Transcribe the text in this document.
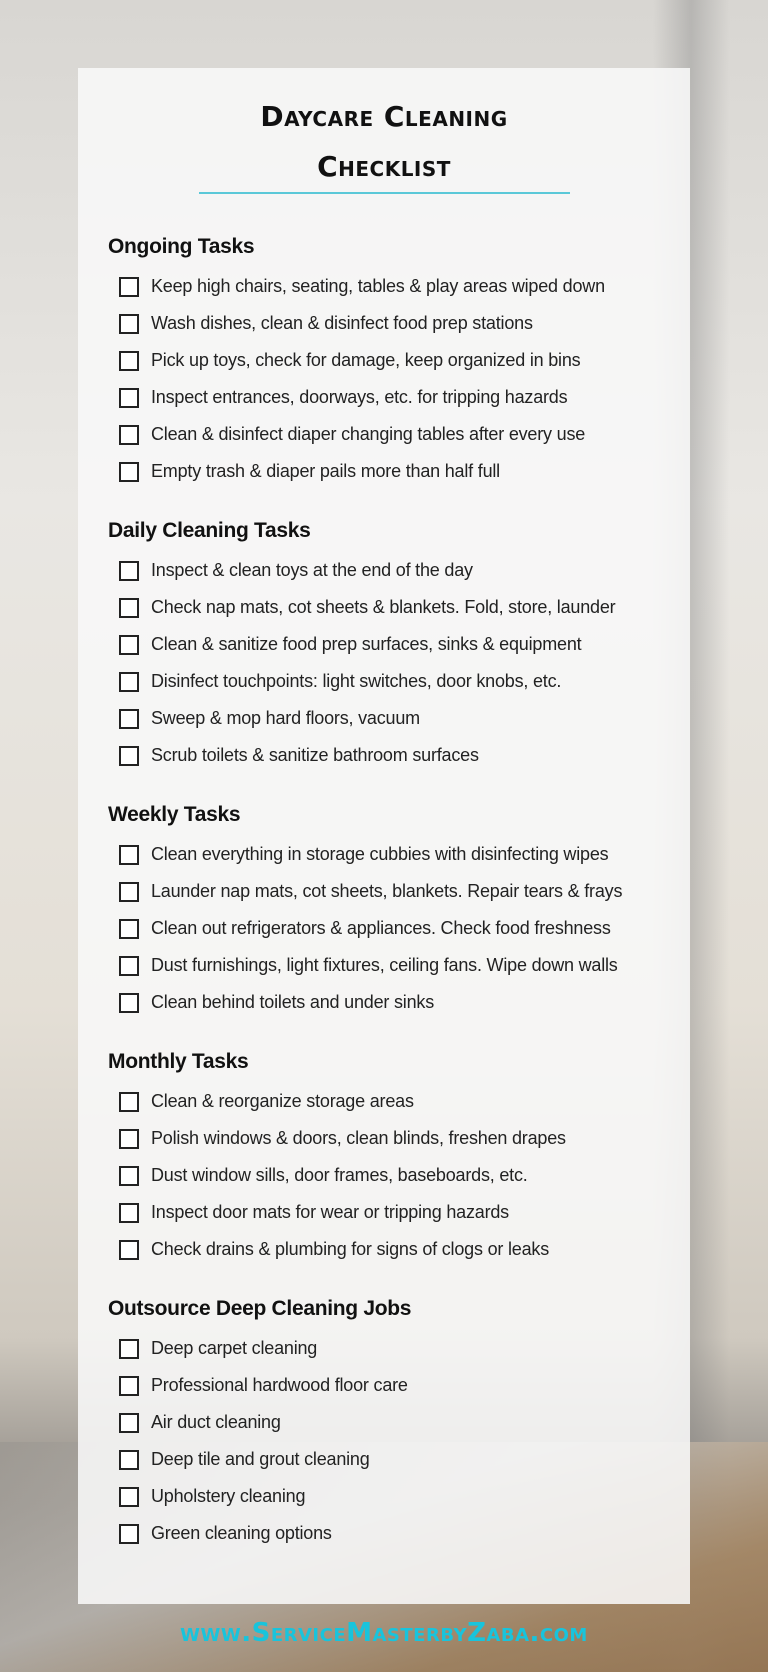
Daycare Cleaning
Checklist
Ongoing Tasks
Keep high chairs, seating, tables & play areas wiped down
Wash dishes, clean & disinfect food prep stations
Pick up toys, check for damage, keep organized in bins
Inspect entrances, doorways, etc. for tripping hazards
Clean & disinfect diaper changing tables after every use
Empty trash & diaper pails more than half full
Daily Cleaning Tasks
Inspect & clean toys at the end of the day
Check nap mats, cot sheets & blankets. Fold, store, launder
Clean & sanitize food prep surfaces, sinks & equipment
Disinfect touchpoints: light switches, door knobs, etc.
Sweep & mop hard floors, vacuum
Scrub toilets & sanitize bathroom surfaces
Weekly Tasks
Clean everything in storage cubbies with disinfecting wipes
Launder nap mats, cot sheets, blankets. Repair tears & frays
Clean out refrigerators & appliances. Check food freshness
Dust furnishings, light fixtures, ceiling fans. Wipe down walls
Clean behind toilets and under sinks
Monthly Tasks
Clean & reorganize storage areas
Polish windows & doors, clean blinds, freshen drapes
Dust window sills, door frames, baseboards, etc.
Inspect door mats for wear or tripping hazards
Check drains & plumbing for signs of clogs or leaks
Outsource Deep Cleaning Jobs
Deep carpet cleaning
Professional hardwood floor care
Air duct cleaning
Deep tile and grout cleaning
Upholstery cleaning
Green cleaning options
www.ServiceMasterbyZaba.com
